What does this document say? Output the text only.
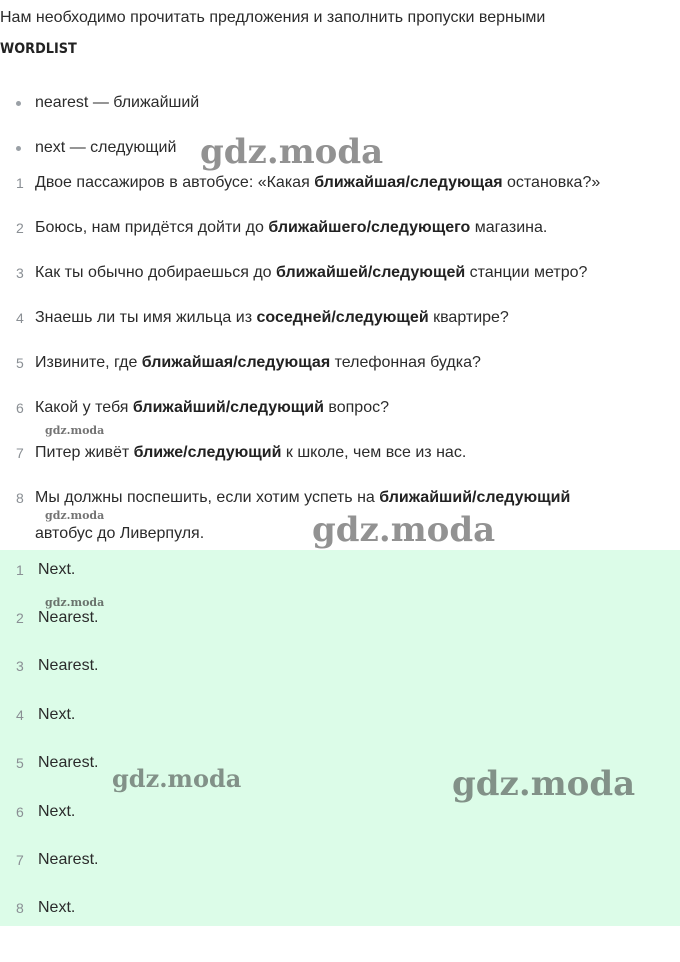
Нам необходимо прочитать предложения и заполнить пропуски верными
WORDLIST
nearest — ближайший
next — следующий
1 Двое пассажиров в автобусе: «Какая ближайшая/следующая остановка?»
2 Боюсь, нам придётся дойти до ближайшего/следующего магазина.
3 Как ты обычно добираешься до ближайшей/следующей станции метро?
4 Знаешь ли ты имя жильца из соседней/следующей квартире?
5 Извините, где ближайшая/следующая телефонная будка?
6 Какой у тебя ближайший/следующий вопрос?
7 Питер живёт ближе/следующий к школе, чем все из нас.
8 Мы должны поспешить, если хотим успеть на ближайший/следующий
автобус до Ливерпуля.
1 Next.
2 Nearest.
3 Nearest.
4 Next.
5 Nearest.
6 Next.
7 Nearest.
8 Next.
gdz.moda
gdz.moda
gdz.moda	gdz.moda
gdz.moda
gdz.moda	gdz.moda
